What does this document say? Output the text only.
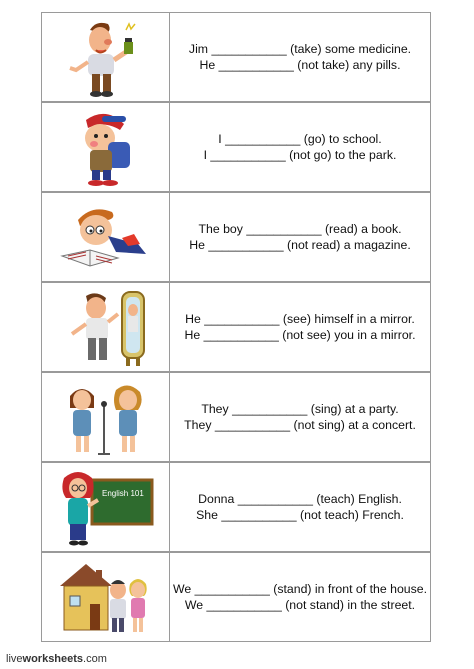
Jim ___________ (take) some medicine.
He ___________ (not take) any pills.
I ___________ (go) to school.
I ___________ (not go) to the park.
The boy ___________ (read) a book.
He ___________ (not read) a magazine.
He ___________ (see) himself in a mirror.
He ___________ (not see) you in a mirror.
They ___________ (sing) at a party.
They ___________ (not sing) at a concert.
English 101	Donna ___________ (teach) English.
She ___________ (not teach) French.
We ___________ (stand) in front of the house.
We ___________ (not stand) in the street.
liveworksheets.com
